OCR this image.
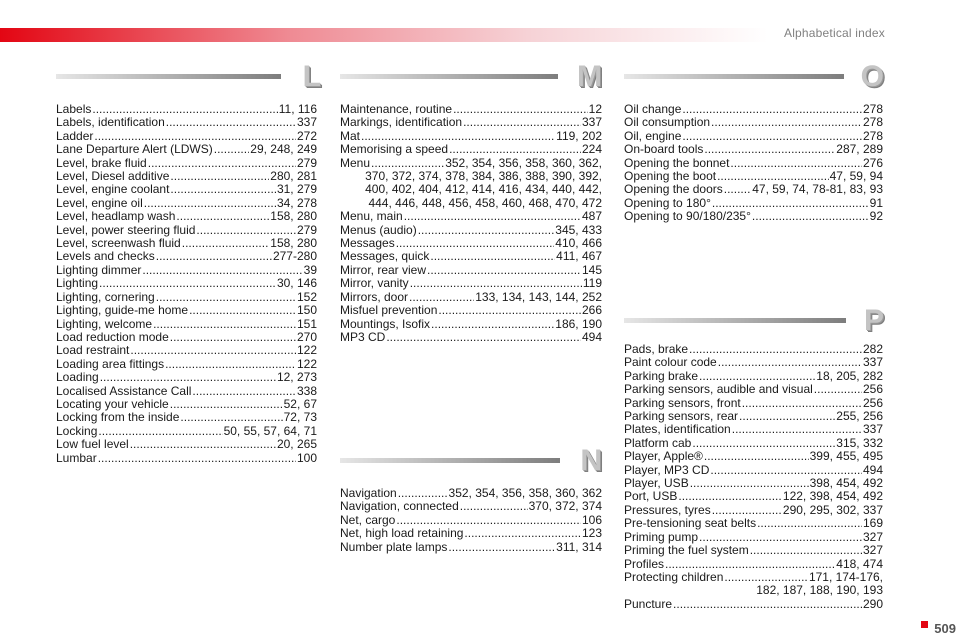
Alphabetical index
L	M	O
P
N
Labels .....	11, 116
Labels, identification .....	337
Ladder .....	272
Lane Departure Alert (LDWS) .....	29, 248, 249
Level, brake fluid .....	279
Level, Diesel additive .....	280, 281
Level, engine coolant .....	31, 279
Level, engine oil .....	34, 278
Level, headlamp wash .....	158, 280
Level, power steering fluid .....	279
Level, screenwash fluid .....	158, 280
Levels and checks .....	277-280
Lighting dimmer .....	39
Lighting .....	30, 146
Lighting, cornering .....	152
Lighting, guide-me home .....	150
Lighting, welcome .....	151
Load reduction mode .....	270
Load restraint .....	122
Loading area fittings .....	122
Loading .....	12, 273
Localised Assistance Call .....	338
Locating your vehicle .....	52, 67
Locking from the inside .....	72, 73
Locking .....	50, 55, 57, 64, 71
Low fuel level .....	20, 265
Lumbar .....	100
Maintenance, routine .....	12
Markings, identification .....	337
Mat .....	119, 202
Memorising a speed .....	224
Menu .....	352, 354, 356, 358, 360, 362,
370, 372, 374, 378, 384, 386, 388, 390, 392,
400, 402, 404, 412, 414, 416, 434, 440, 442,
444, 446, 448, 456, 458, 460, 468, 470, 472
Menu, main .....	487
Menus (audio) .....	345, 433
Messages .....	410, 466
Messages, quick .....	411, 467
Mirror, rear view .....	145
Mirror, vanity .....	119
Mirrors, door .....	133, 134, 143, 144, 252
Misfuel prevention .....	266
Mountings, Isofix .....	186, 190
MP3 CD .....	494
Oil change .....	278
Oil consumption .....	278
Oil, engine .....	278
On-board tools .....	287, 289
Opening the bonnet .....	276
Opening the boot .....	47, 59, 94
Opening the doors ..... 47, 59, 74, 78-81, 83, 93
Opening to 180° .....	91
Opening to 90/180/235° .....	92
Pads, brake .....	282
Paint colour code .....	337
Parking brake .....	18, 205, 282
Parking sensors, audible and visual .....	256
Parking sensors, front .....	256
Parking sensors, rear .....	255, 256
Plates, identification .....	337
Platform cab .....	315, 332
Player, Apple® .....	399, 455, 495
Player, MP3 CD .....	494
Player, USB .....	398, 454, 492
Port, USB .....	122, 398, 454, 492
Pressures, tyres .....	290, 295, 302, 337
Pre-tensioning seat belts .....	169
Priming pump .....	327
Priming the fuel system .....	327
Profiles .....	418, 474
Protecting children .....	171, 174-176,
182, 187, 188, 190, 193
Puncture .....	290
Navigation .....	352, 354, 356, 358, 360, 362
Navigation, connected .....	370, 372, 374
Net, cargo .....	106
Net, high load retaining .....	123
Number plate lamps .....	311, 314
509
